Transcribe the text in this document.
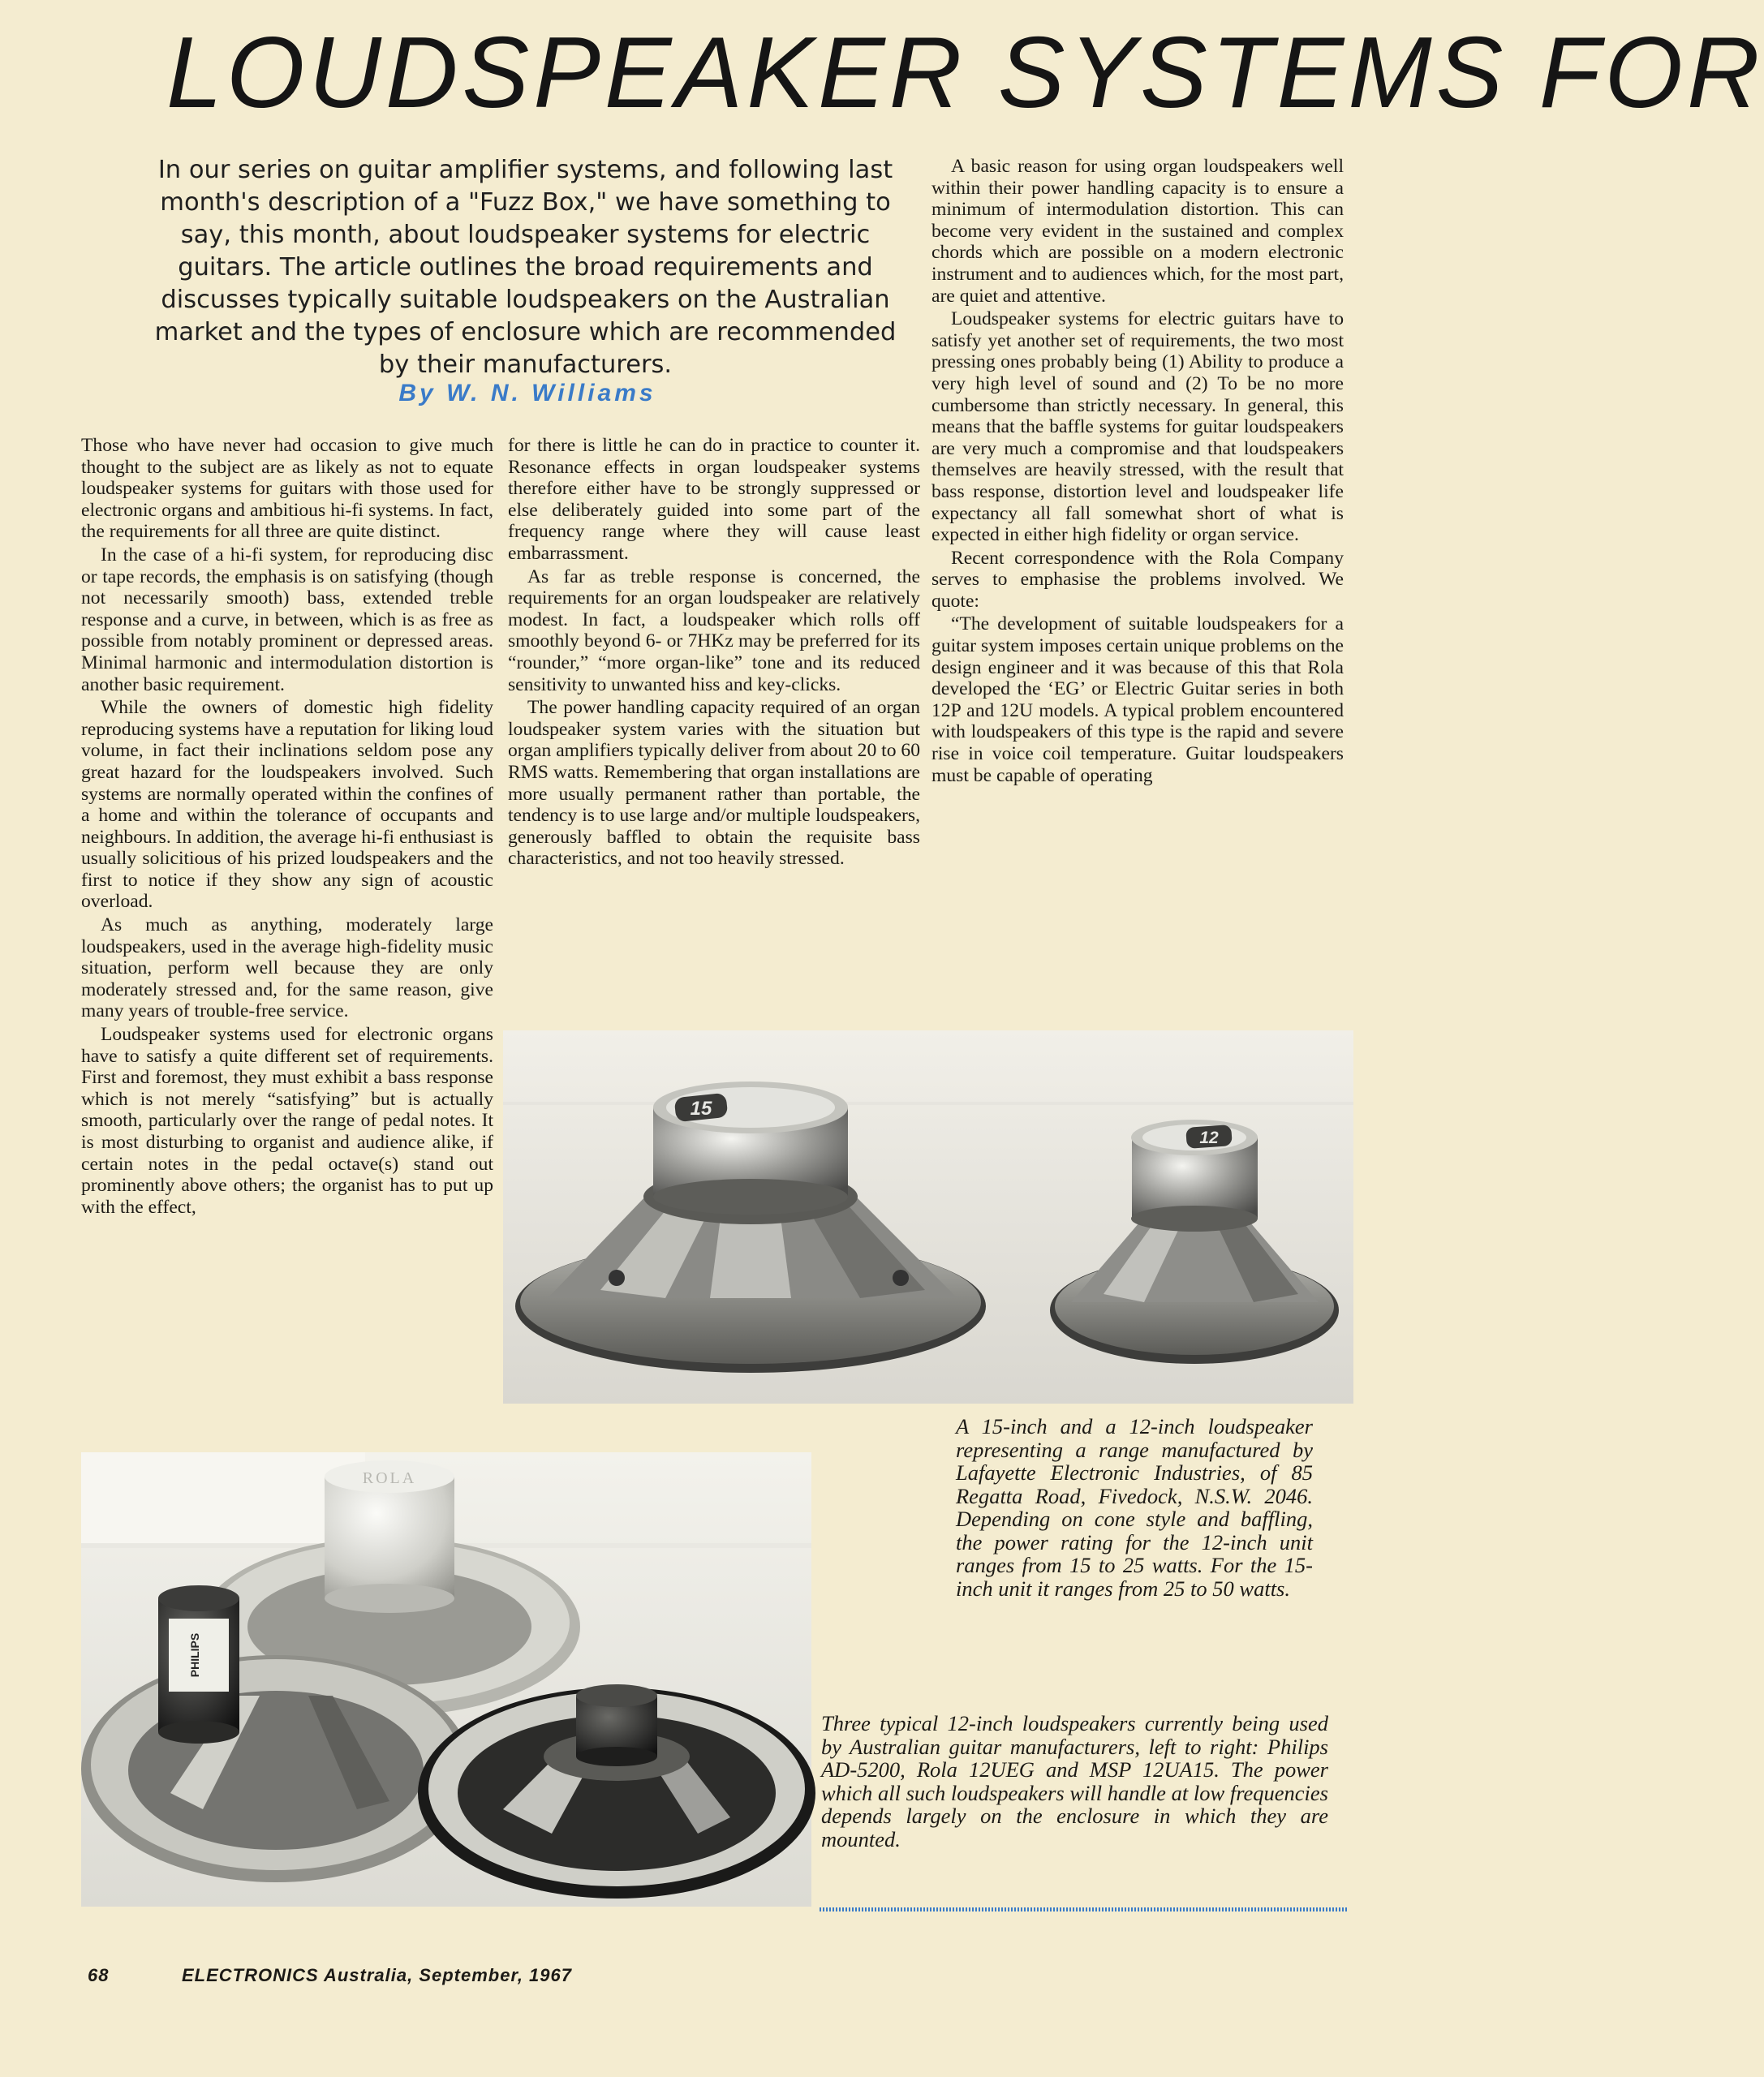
LOUDSPEAKER SYSTEMS FOR
In our series on guitar amplifier systems, and following last month's description of a "Fuzz Box," we have something to say, this month, about loudspeaker systems for electric guitars. The article outlines the broad requirements and discusses typically suitable loudspeakers on the Australian market and the types of enclosure which are recommended by their manufacturers.
By W. N. Williams

Those who have never had occasion to give much thought to the subject are as likely as not to equate loudspeaker systems for guitars with those used for electronic organs and ambitious hi-fi systems. In fact, the requirements for all three are quite distinct.

In the case of a hi-fi system, for reproducing disc or tape records, the emphasis is on satisfying (though not necessarily smooth) bass, extended treble response and a curve, in between, which is as free as possible from notably prominent or depressed areas. Minimal harmonic and intermodulation distortion is another basic requirement.

While the owners of domestic high fidelity reproducing systems have a reputation for liking loud volume, in fact their inclinations seldom pose any great hazard for the loudspeakers involved. Such systems are normally operated within the confines of a home and within the tolerance of occupants and neighbours. In addition, the average hi-fi enthusiast is usually solicitious of his prized loudspeakers and the first to notice if they show any sign of acoustic overload.

As much as anything, moderately large loudspeakers, used in the average high-fidelity music situation, perform well because they are only moderately stressed and, for the same reason, give many years of trouble-free service.

Loudspeaker systems used for electronic organs have to satisfy a quite different set of requirements. First and foremost, they must exhibit a bass response which is not merely “satisfying” but is actually smooth, particularly over the range of pedal notes. It is most disturbing to organist and audience alike, if certain notes in the pedal octave(s) stand out prominently above others; the organist has to put up with the effect,

for there is little he can do in practice to counter it. Resonance effects in organ loudspeaker systems therefore either have to be strongly suppressed or else deliberately guided into some part of the frequency range where they will cause least embarrassment.

As far as treble response is concerned, the requirements for an organ loudspeaker are relatively modest. In fact, a loudspeaker which rolls off smoothly beyond 6- or 7HKz may be preferred for its “rounder,” “more organ-like” tone and its reduced sensitivity to unwanted hiss and key-clicks.

The power handling capacity required of an organ loudspeaker system varies with the situation but organ amplifiers typically deliver from about 20 to 60 RMS watts. Remembering that organ installations are more usually permanent rather than portable, the tendency is to use large and/or multiple loudspeakers, generously baffled to obtain the requisite bass characteristics, and not too heavily stressed.

A basic reason for using organ loudspeakers well within their power handling capacity is to ensure a minimum of intermodulation distortion. This can become very evident in the sustained and complex chords which are possible on a modern electronic instrument and to audiences which, for the most part, are quiet and attentive.

Loudspeaker systems for electric guitars have to satisfy yet another set of requirements, the two most pressing ones probably being (1) Ability to produce a very high level of sound and (2) To be no more cumbersome than strictly necessary. In general, this means that the baffle systems for guitar loudspeakers are very much a compromise and that loudspeakers themselves are heavily stressed, with the result that bass response, distortion level and loudspeaker life expectancy all fall somewhat short of what is expected in either high fidelity or organ service.

Recent correspondence with the Rola Company serves to emphasise the problems involved. We quote:

“The development of suitable loudspeakers for a guitar system imposes certain unique problems on the design engineer and it was because of this that Rola developed the ‘EG’ or Electric Guitar series in both 12P and 12U models. A typical problem encountered with loudspeakers of this type is the rapid and severe rise in voice coil temperature. Guitar loudspeakers must be capable of operating

15
12
A 15-inch and a 12-inch loudspeaker representing a range manufactured by Lafayette Electronic Industries, of 85 Regatta Road, Fivedock, N.S.W. 2046. Depending on cone style and baffling, the power rating for the 12-inch unit ranges from 15 to 25 watts. For the 15-inch unit it ranges from 25 to 50 watts.
ROLA
PHILIPS
Three typical 12-inch loudspeakers currently being used by Australian guitar manufacturers, left to right: Philips AD-5200, Rola 12UEG and MSP 12UA15. The power which all such loudspeakers will handle at low frequencies depends largely on the enclosure in which they are mounted.
68	ELECTRONICS Australia, September, 1967
